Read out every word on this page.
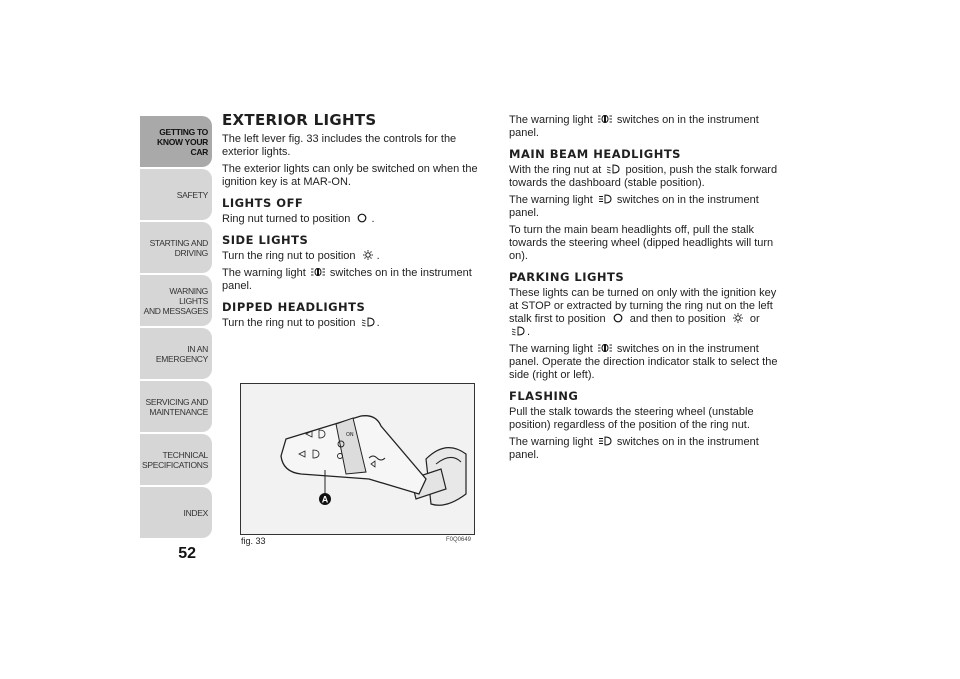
GETTING TO
KNOW YOUR CAR
SAFETY
STARTING AND
DRIVING
WARNING LIGHTS
AND MESSAGES
IN AN EMERGENCY
SERVICING AND
MAINTENANCE
TECHNICAL
SPECIFICATIONS
INDEX
52
EXTERIOR LIGHTS

The left lever fig. 33 includes the controls for the exterior lights.

The exterior lights can only be switched on when the ignition key is at MAR-ON.

LIGHTS OFF

Ring nut turned to position .

SIDE LIGHTS

Turn the ring nut to position .

The warning light switches on in the instrument panel.

DIPPED HEADLIGHTS

Turn the ring nut to position .

ON
A
fig. 33	F0Q0649

The warning light switches on in the instrument panel.

MAIN BEAM HEADLIGHTS

With the ring nut at position, push the stalk forward towards the dashboard (stable position).

The warning light switches on in the instrument panel.

To turn the main beam headlights off, pull the stalk towards the steering wheel (dipped headlights will turn on).

PARKING LIGHTS

These lights can be turned on only with the ignition key at STOP or extracted by turning the ring nut on the left stalk first to position and then to position or .

The warning light switches on in the instrument panel. Operate the direction indicator stalk to select the side (right or left).

FLASHING

Pull the stalk towards the steering wheel (unstable position) regardless of the position of the ring nut.

The warning light switches on in the instrument panel.
